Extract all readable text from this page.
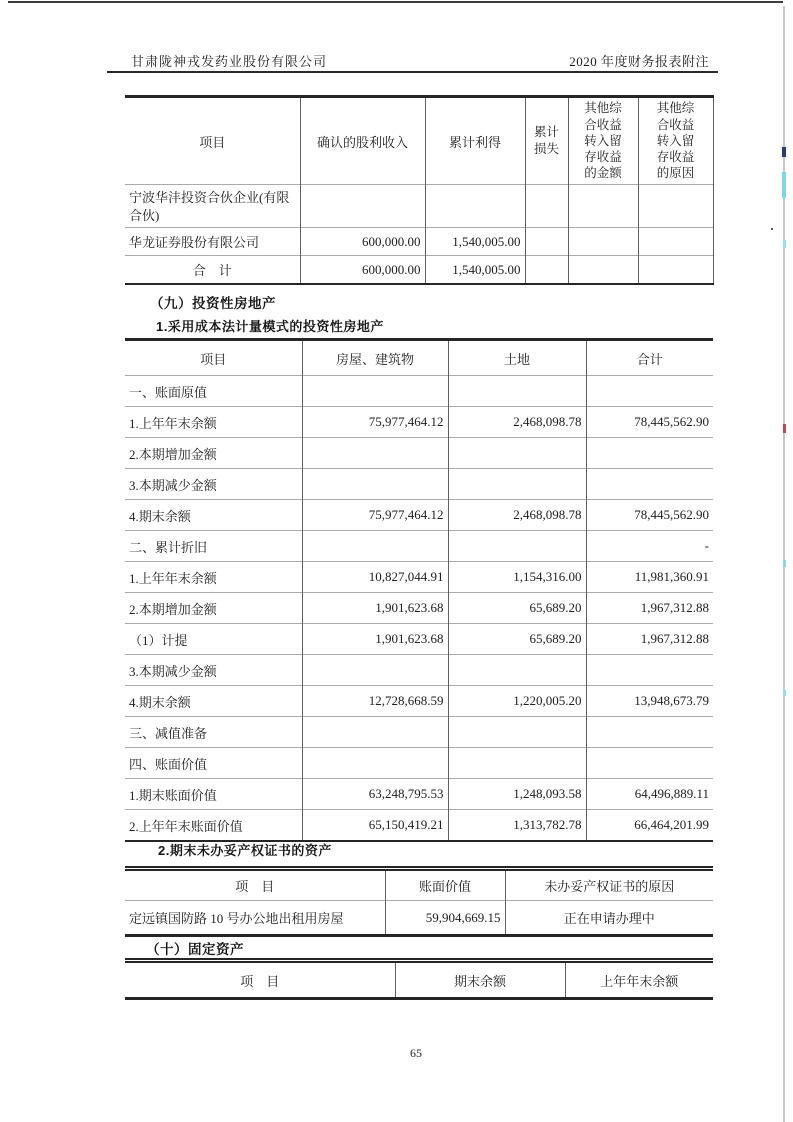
甘肃陇神戎发药业股份有限公司	2020 年度财务报表附注
项目	确认的股利收入	累计利得	累计损失	其他综合收益转入留存收益的金额	其他综合收益转入留存收益的原因
宁波华沣投资合伙企业(有限合伙)					
华龙证券股份有限公司	600,000.00	1,540,005.00			
合　计	600,000.00	1,540,005.00			
（九）投资性房地产
1.采用成本法计量模式的投资性房地产
项目	房屋、建筑物	土地	合计
一、账面原值			
1.上年年末余额	75,977,464.12	2,468,098.78	78,445,562.90
2.本期增加金额			
3.本期减少金额			
4.期末余额	75,977,464.12	2,468,098.78	78,445,562.90
二、累计折旧			-
1.上年年末余额	10,827,044.91	1,154,316.00	11,981,360.91
2.本期增加金额	1,901,623.68	65,689.20	1,967,312.88
（1）计提	1,901,623.68	65,689.20	1,967,312.88
3.本期减少金额			
4.期末余额	12,728,668.59	1,220,005.20	13,948,673.79
三、减值准备			
四、账面价值			
1.期末账面价值	63,248,795.53	1,248,093.58	64,496,889.11
2.上年年末账面价值	65,150,419.21	1,313,782.78	66,464,201.99
2.期末未办妥产权证书的资产
项　目	账面价值	未办妥产权证书的原因
定远镇国防路 10 号办公地出租用房屋	59,904,669.15	正在申请办理中
（十）固定资产
项　目	期末余额	上年年末余额
65
